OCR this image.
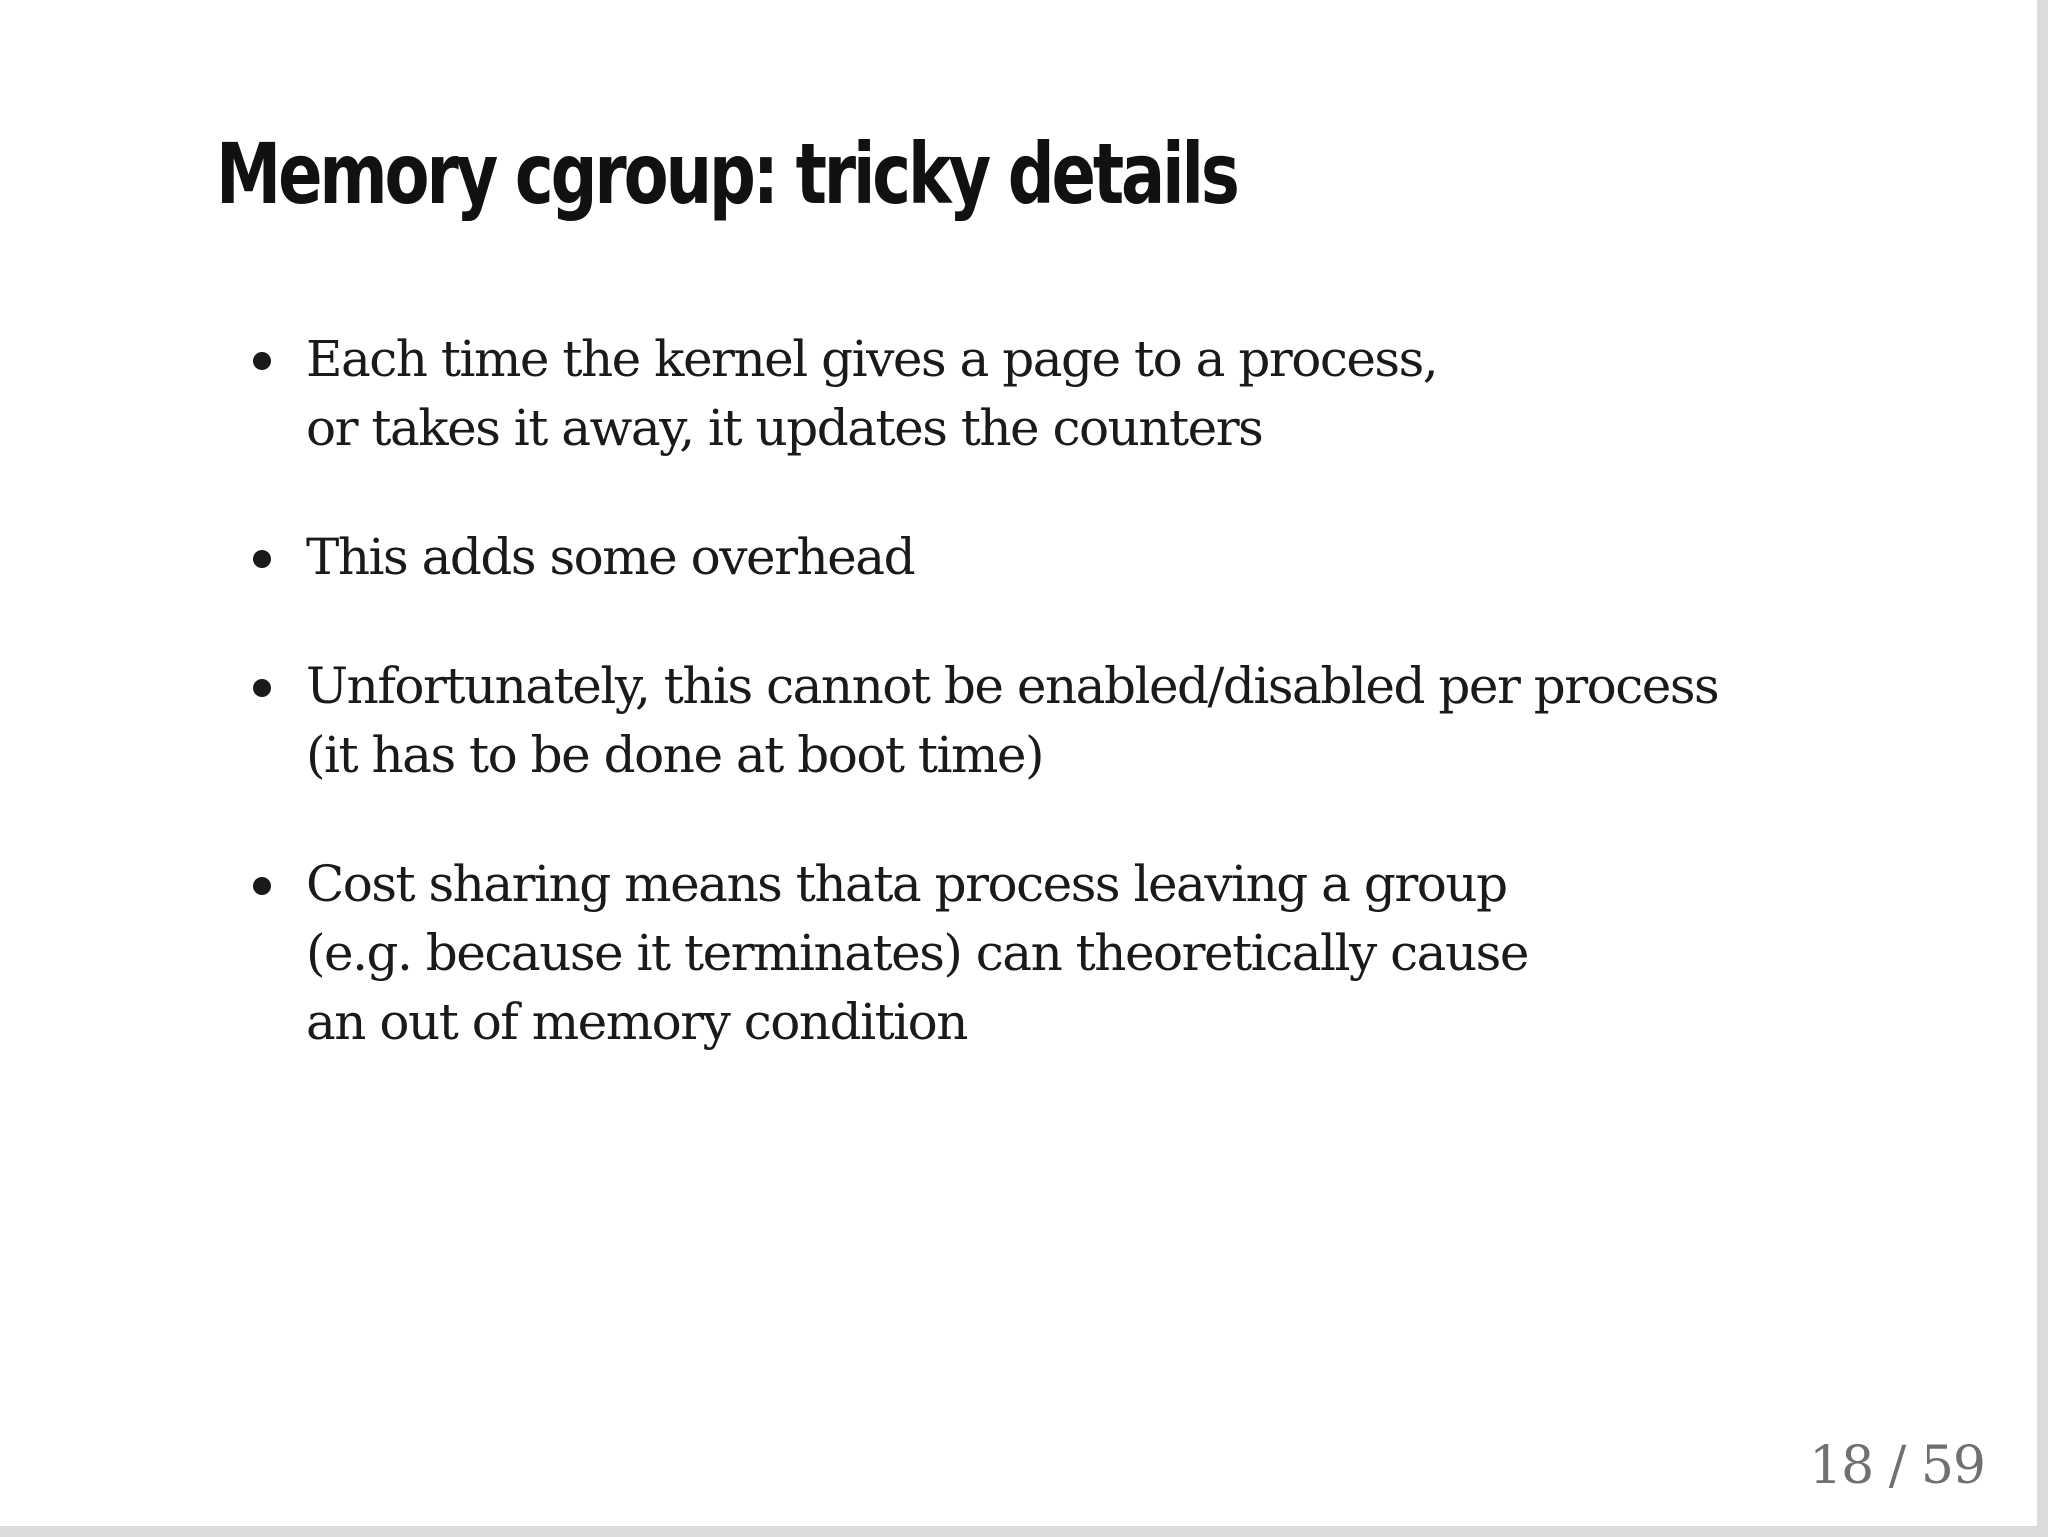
Memory cgroup: tricky details
Each time the kernel gives a page to a process,
or takes it away, it updates the counters
This adds some overhead
Unfortunately, this cannot be enabled/disabled per process
(it has to be done at boot time)
Cost sharing means thata process leaving a group
(e.g. because it terminates) can theoretically cause
an out of memory condition
18 / 59
